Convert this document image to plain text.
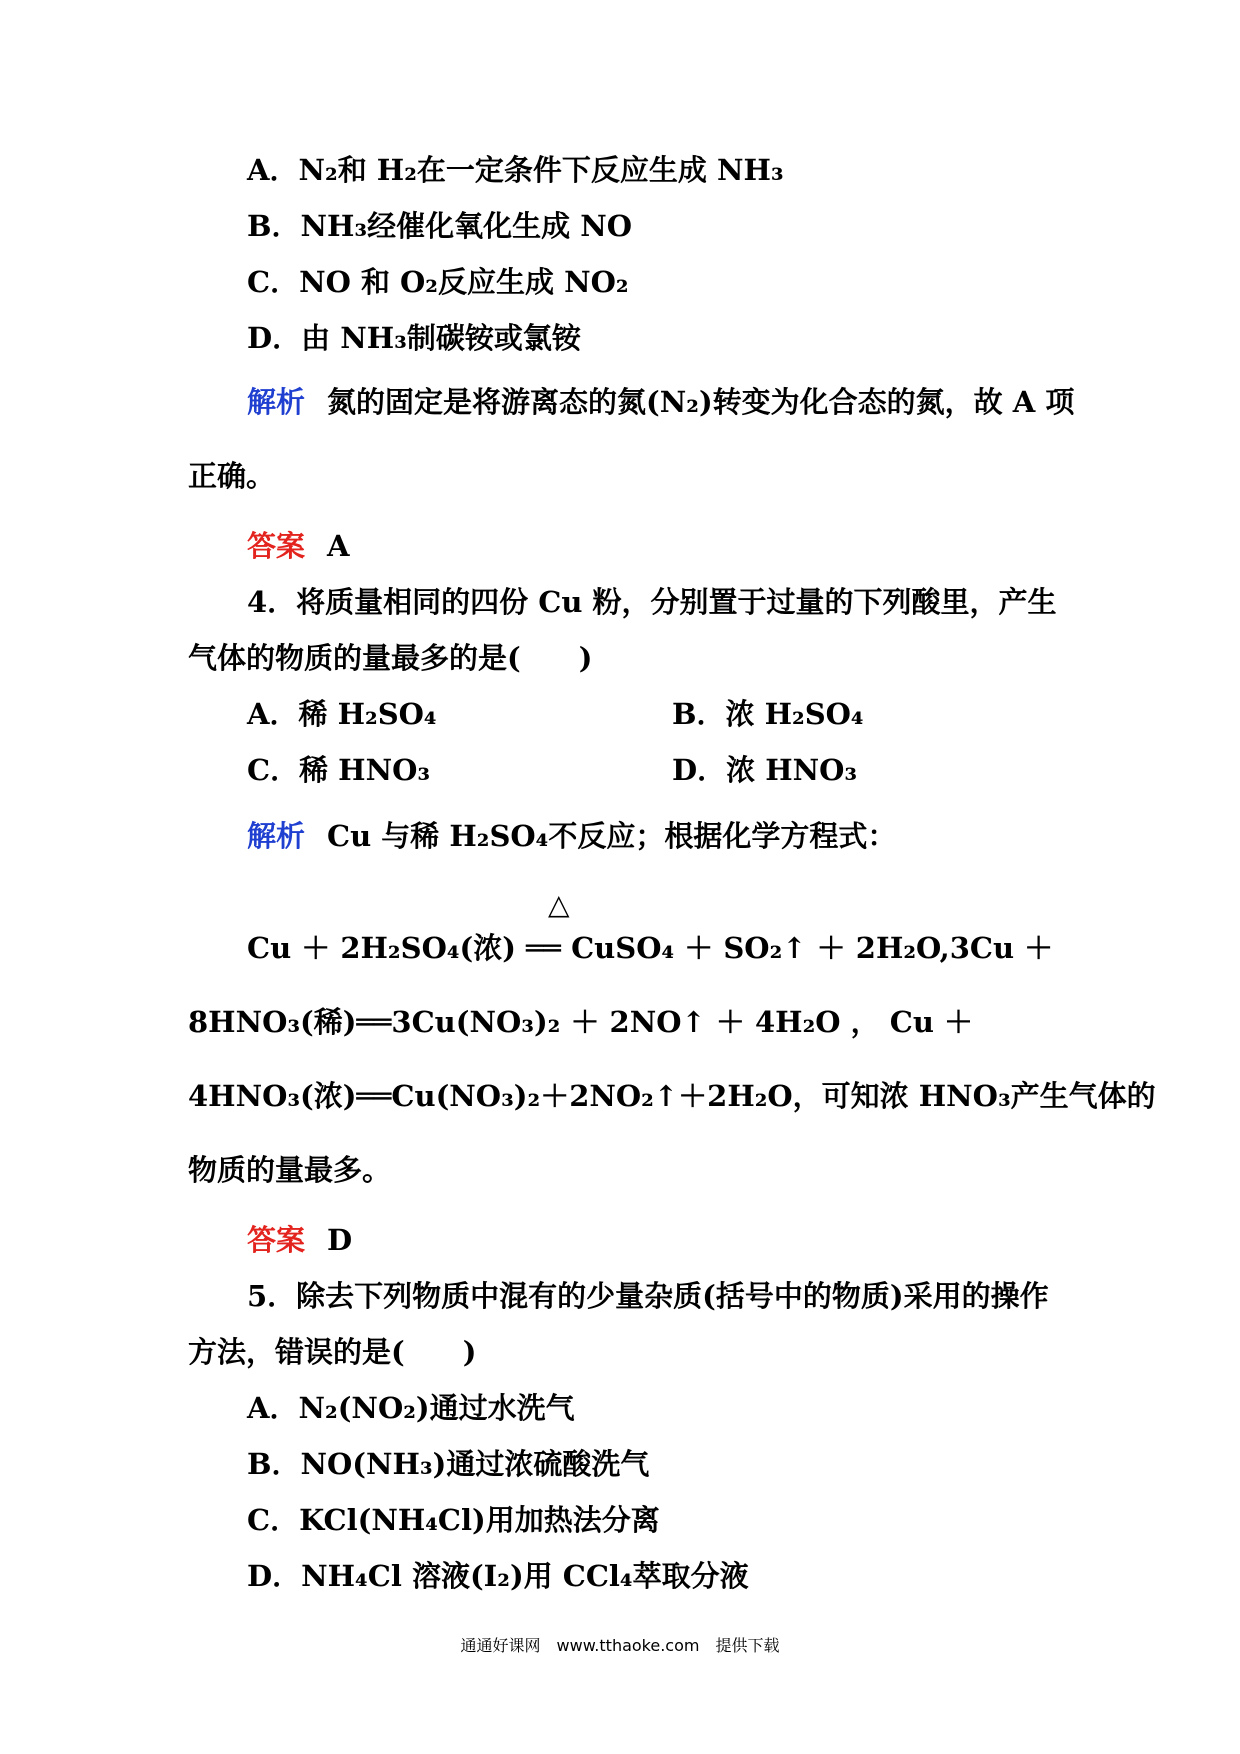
A．N₂和 H₂在一定条件下反应生成 NH₃
B．NH₃经催化氧化生成 NO
C．NO 和 O₂反应生成 NO₂
D．由 NH₃制碳铵或氯铵
解析 氮的固定是将游离态的氮(N₂)转变为化合态的氮，故 A 项
正确。
答案 A
4．将质量相同的四份 Cu 粉，分别置于过量的下列酸里，产生
气体的物质的量最多的是(　　)
A．稀 H₂SO₄	B．浓 H₂SO₄
C．稀 HNO₃	D．浓 HNO₃
解析 Cu 与稀 H₂SO₄不反应；根据化学方程式：
△
Cu ＋ 2H₂SO₄(浓) ══ CuSO₄ ＋ SO₂↑ ＋ 2H₂O,3Cu ＋
8HNO₃(稀)══3Cu(NO₃)₂ ＋ 2NO↑ ＋ 4H₂O ， Cu ＋
4HNO₃(浓)══Cu(NO₃)₂＋2NO₂↑＋2H₂O，可知浓 HNO₃产生气体的
物质的量最多。
答案 D
5．除去下列物质中混有的少量杂质(括号中的物质)采用的操作
方法，错误的是(　　)
A．N₂(NO₂)通过水洗气
B．NO(NH₃)通过浓硫酸洗气
C．KCl(NH₄Cl)用加热法分离
D．NH₄Cl 溶液(I₂)用 CCl₄萃取分液
通通好课网　www.tthaoke.com　提供下载
